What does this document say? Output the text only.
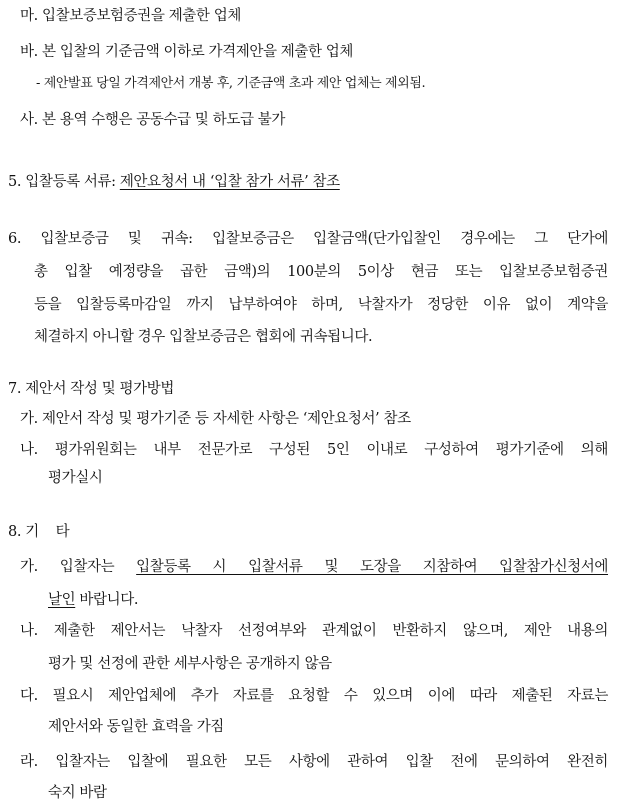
마. 입찰보증보험증권을 제출한 업체
바. 본 입찰의 기준금액 이하로 가격제안을 제출한 업체
- 제안발표 당일 가격제안서 개봉 후, 기준금액 초과 제안 업체는 제외됨.
사. 본 용역 수행은 공동수급 및 하도급 불가
5. 입찰등록 서류: 제안요청서 내 ‘입찰 참가 서류’ 참조
6. 입찰보증금 및 귀속: 입찰보증금은 입찰금액(단가입찰인 경우에는 그 단가에
총 입찰 예정량을 곱한 금액)의 100분의 5이상 현금 또는 입찰보증보험증권
등을 입찰등록마감일 까지 납부하여야 하며, 낙찰자가 정당한 이유 없이 계약을
체결하지 아니할 경우 입찰보증금은 협회에 귀속됩니다.
7. 제안서 작성 및 평가방법
가. 제안서 작성 및 평가기준 등 자세한 사항은 ‘제안요청서’ 참조
나. 평가위원회는 내부 전문가로 구성된 5인 이내로 구성하여 평가기준에 의해
평가실시
8. 기    타
가. 입찰자는 입찰등록 시 입찰서류 및 도장을 지참하여 입찰참가신청서에
날인 바랍니다.
나. 제출한 제안서는 낙찰자 선정여부와 관계없이 반환하지 않으며, 제안 내용의
평가 및 선정에 관한 세부사항은 공개하지 않음
다. 필요시 제안업체에 추가 자료를 요청할 수 있으며 이에 따라 제출된 자료는
제안서와 동일한 효력을 가짐
라. 입찰자는 입찰에 필요한 모든 사항에 관하여 입찰 전에 문의하여 완전히
숙지 바람
